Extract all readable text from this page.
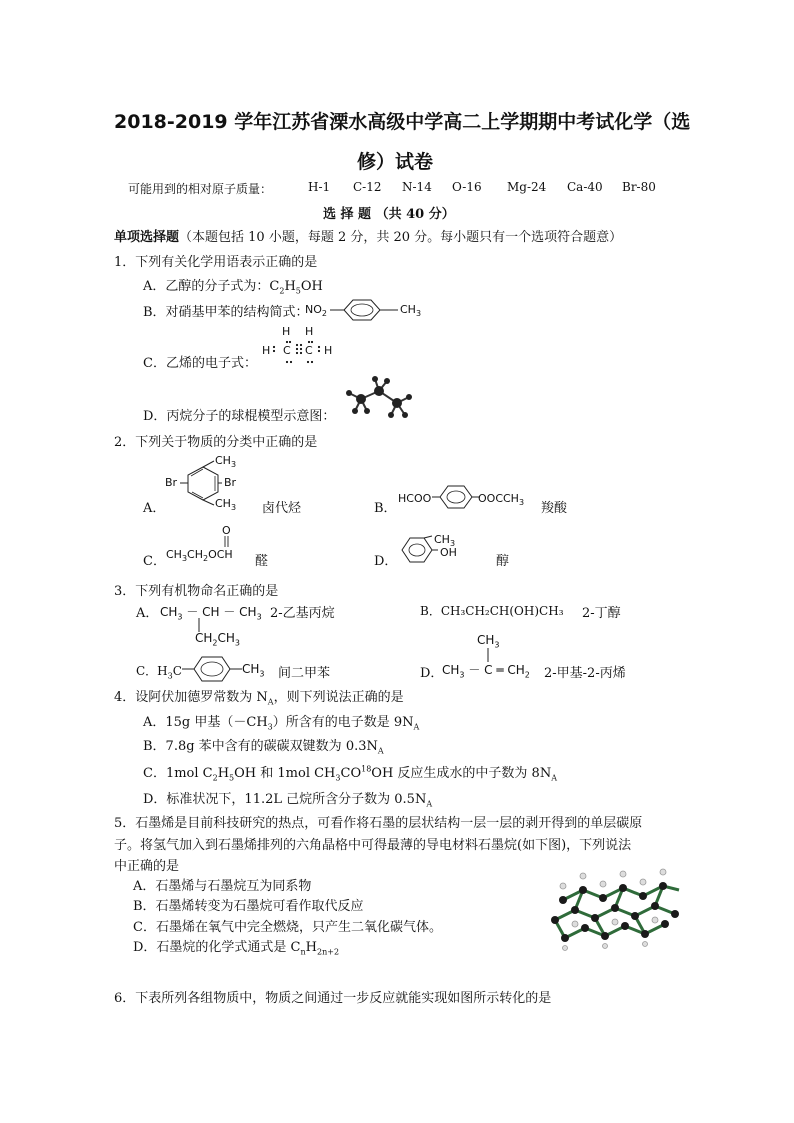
2018-2019 学年江苏省溧水高级中学高二上学期期中考试化学（选
修）试卷
可能用到的相对原子质量：	H-1 C-12 N-14 O-16 Mg-24 Ca-40 Br-80
选 择 题 （共 40 分）
单项选择题（本题包括 10 小题，每题 2 分，共 20 分。每小题只有一个选项符合题意）
1．下列有关化学用语表示正确的是
A．乙醇的分子式为：$C_2H_5OH$
B．对硝基甲苯的结构简式：
$NO_2$	$CH_3$
C．乙烯的电子式：
H H
H C C H
D．丙烷分子的球棍模型示意图：
2．下列关于物质的分类中正确的是
A．
$CH_3$
Br	Br
$CH_3$ 卤代烃	B．
HCOO	$OOCCH_3$ 羧酸
C． $CH_3CH_2OCH$
O
醛	D．
$CH_3$
OH
醇
3．下列有机物命名正确的是
A． $CH_3$ － CH － $CH_3$
$CH_2CH_3$
2-乙基丙烷	B．CH₃CH₂CH(OH)CH₃ 2-丁醇
C．$H_3C$	$CH_3$ 间二甲苯	D．
$CH_3$
$CH_3 - C$ ═ $CH_2$ 2-甲基-2-丙烯
4．设阿伏加德罗常数为 $N_A$，则下列说法正确的是
A．15g 甲基$(-CH_3)$所含有的电子数是 $9N_A$
B．7.8g 苯中含有的碳碳双键数为 $0.3N_A$
C．1mol $C_2H_5OH$ 和 1mol $CH_3CO^{18}OH$ 反应生成水的中子数为 $8N_A$
D．标准状况下，11.2L 己烷所含分子数为 $0.5N_A$
5．石墨烯是目前科技研究的热点，可看作将石墨的层状结构一层一层的剥开得到的单层碳原
子。将氢气加入到石墨烯排列的六角晶格中可得最薄的导电材料石墨烷(如下图)，下列说法
中正确的是
A．石墨烯与石墨烷互为同系物
B．石墨烯转变为石墨烷可看作取代反应
C．石墨烯在氧气中完全燃烧，只产生二氧化碳气体。
D．石墨烷的化学式通式是 $C_nH_{2n+2}$
6．下表所列各组物质中，物质之间通过一步反应就能实现如图所示转化的是
